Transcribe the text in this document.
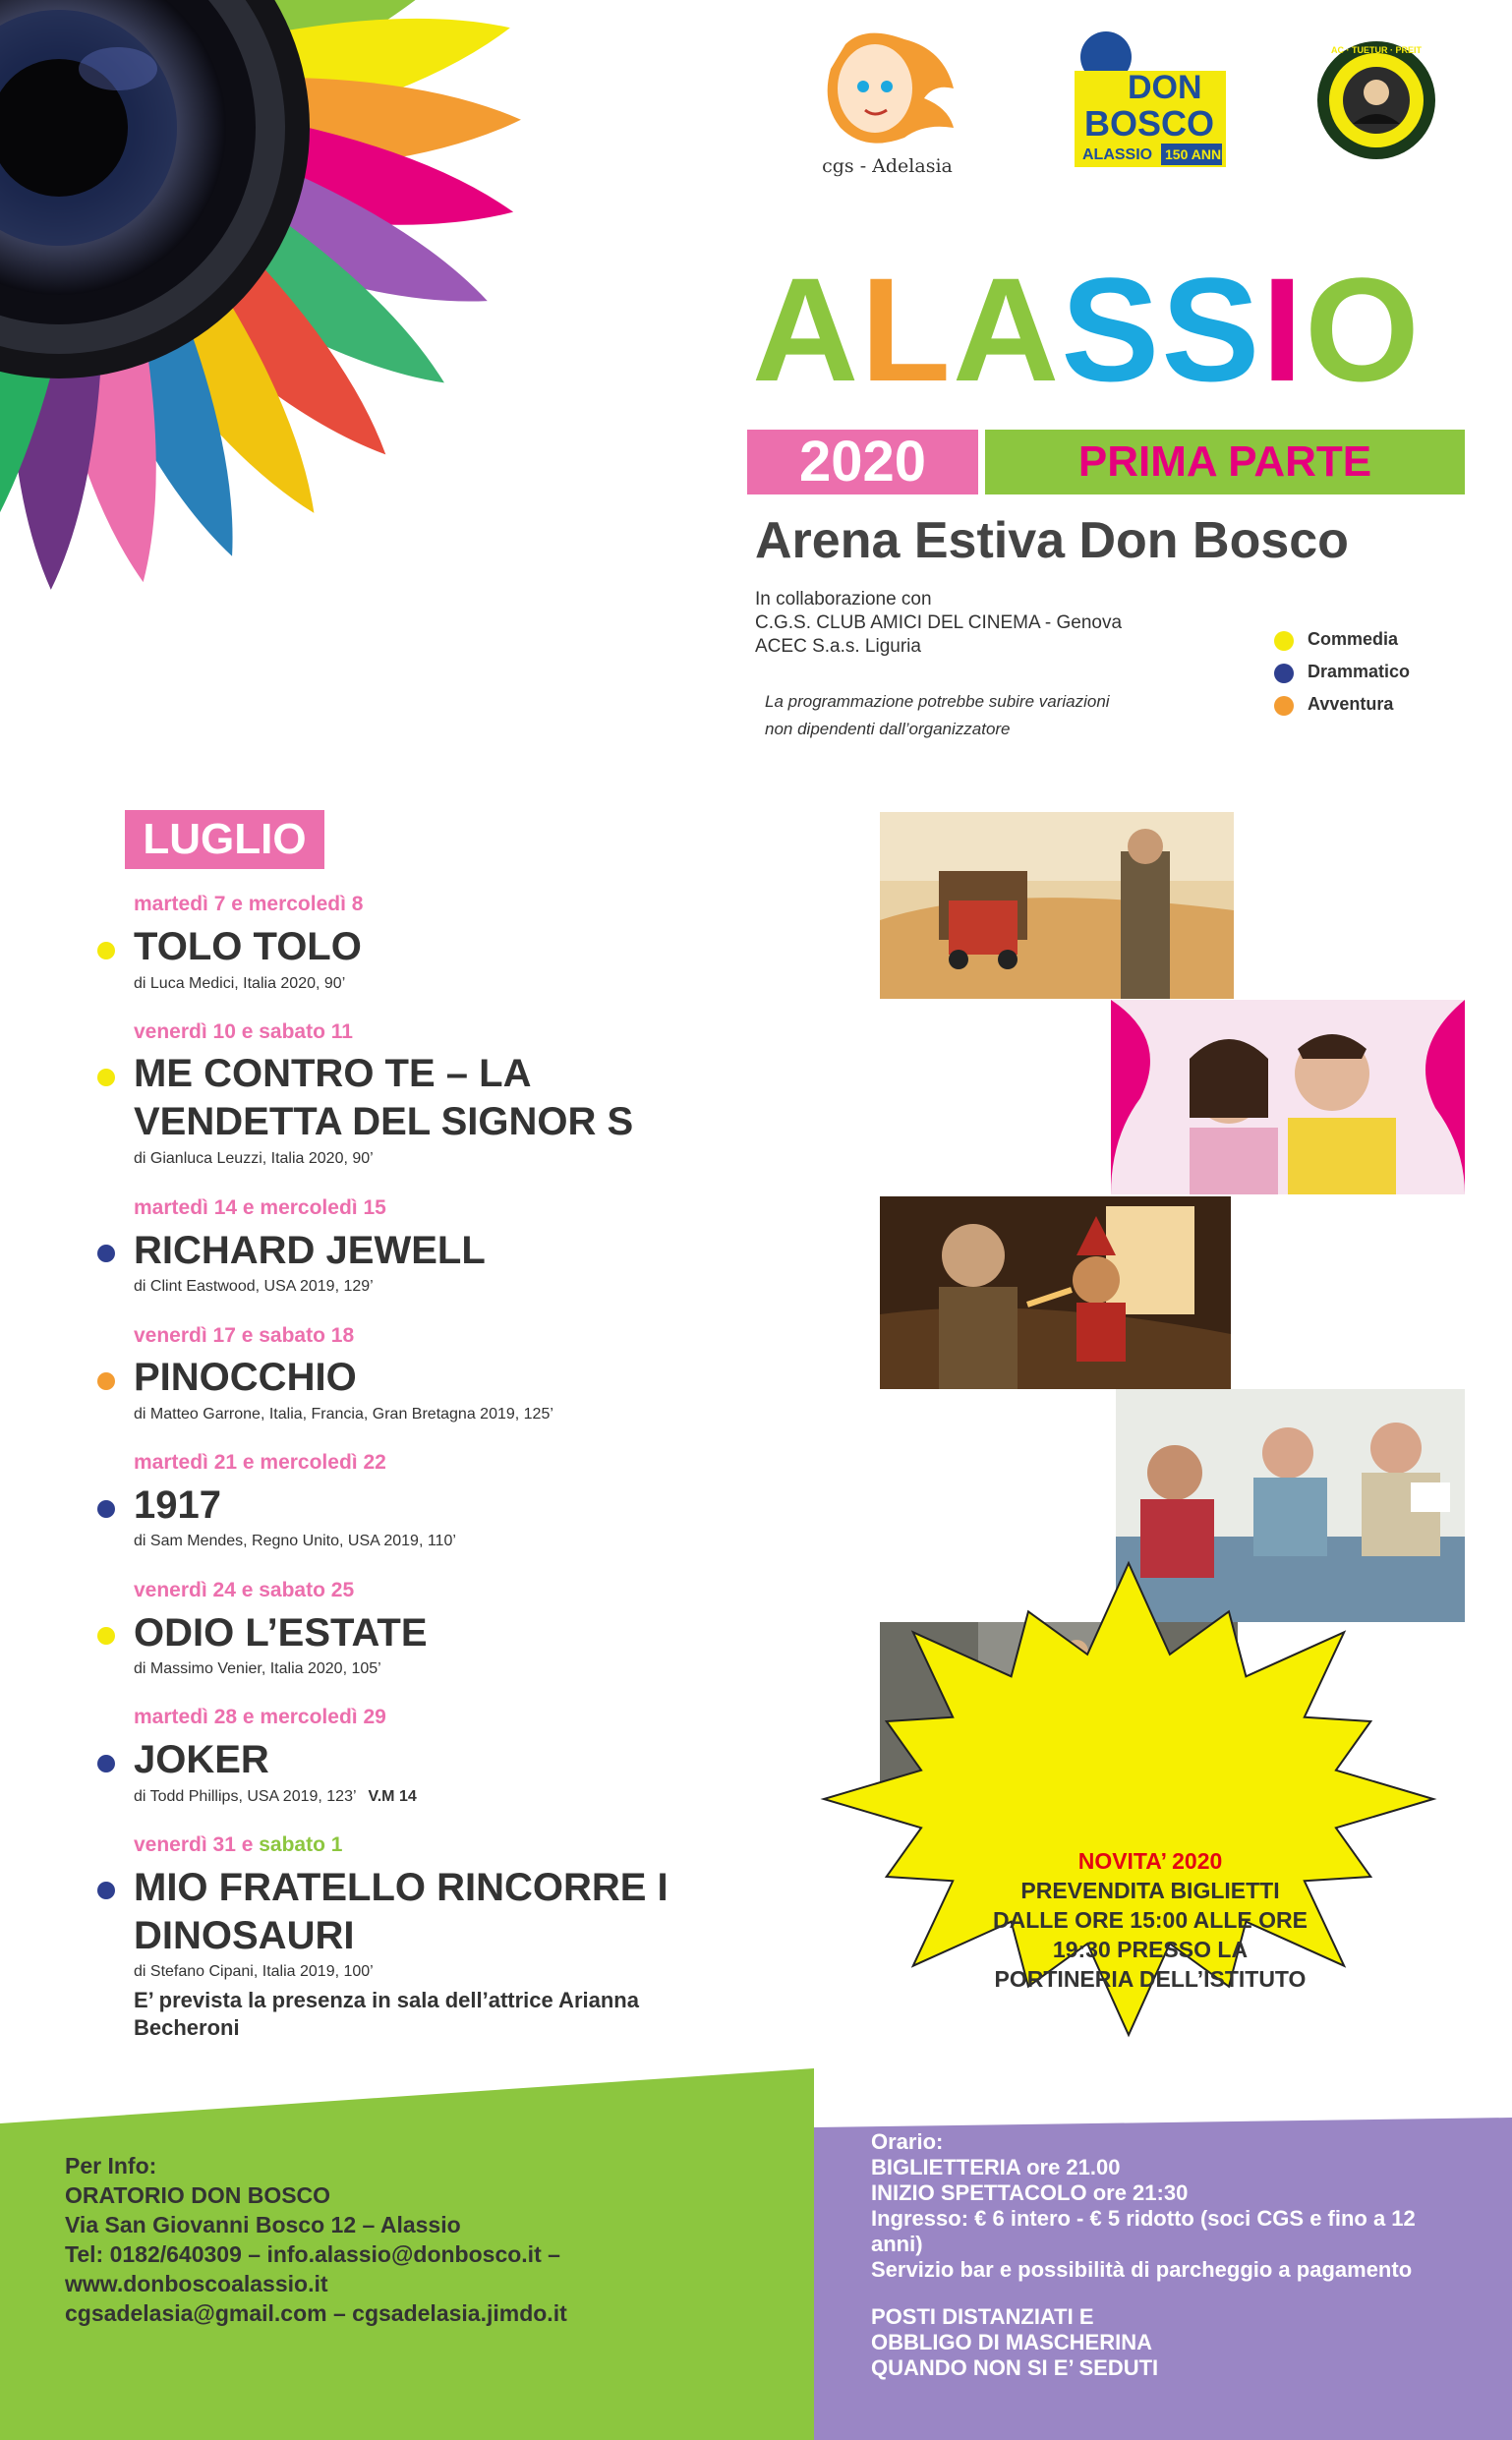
cgs - Adelasia
DON
BOSCO
ALASSIO 150 ANNI
AC · TUETUR · PREIT
ALASSIO
2020	PRIMA PARTE
Arena Estiva Don Bosco
In collaborazione con
C.G.S. CLUB AMICI DEL CINEMA - Genova
ACEC S.a.s. Liguria
La programmazione potrebbe subire variazioni
non dipendenti dall’organizzatore
Commedia
Drammatico
Avventura
LUGLIO
martedì 7 e mercoledì 8
TOLO TOLO
di Luca Medici, Italia 2020, 90’
venerdì 10 e sabato 11
ME CONTRO TE – LA VENDETTA DEL SIGNOR S
di Gianluca Leuzzi, Italia 2020, 90’
martedì 14 e mercoledì 15
RICHARD JEWELL
di Clint Eastwood, USA 2019, 129’
venerdì 17 e sabato 18
PINOCCHIO
di Matteo Garrone, Italia, Francia, Gran Bretagna 2019, 125’
martedì 21 e mercoledì 22
1917
di Sam Mendes, Regno Unito, USA 2019, 110’
venerdì 24 e sabato 25
ODIO L’ESTATE
di Massimo Venier, Italia 2020, 105’
martedì 28 e mercoledì 29
JOKER
di Todd Phillips, USA 2019, 123’ V.M 14
venerdì 31 e sabato 1
MIO FRATELLO RINCORRE I DINOSAURI
di Stefano Cipani, Italia 2019, 100’
E’ prevista la presenza in sala dell’attrice Arianna Becheroni
NOVITA’ 2020
PREVENDITA BIGLIETTI
DALLE ORE 15:00 ALLE ORE
19:30 PRESSO LA
PORTINERIA DELL’ISTITUTO
Per Info:
ORATORIO DON BOSCO
Via San Giovanni Bosco 12 – Alassio
Tel: 0182/640309 – info.alassio@donbosco.it –
www.donboscoalassio.it
cgsadelasia@gmail.com – cgsadelasia.jimdo.it
Orario:
BIGLIETTERIA ore 21.00
INIZIO SPETTACOLO ore 21:30
Ingresso: € 6 intero - € 5 ridotto (soci CGS e fino a 12 anni)
Servizio bar e possibilità di parcheggio a pagamento
POSTI DISTANZIATI E
OBBLIGO DI MASCHERINA
QUANDO NON SI E’ SEDUTI
